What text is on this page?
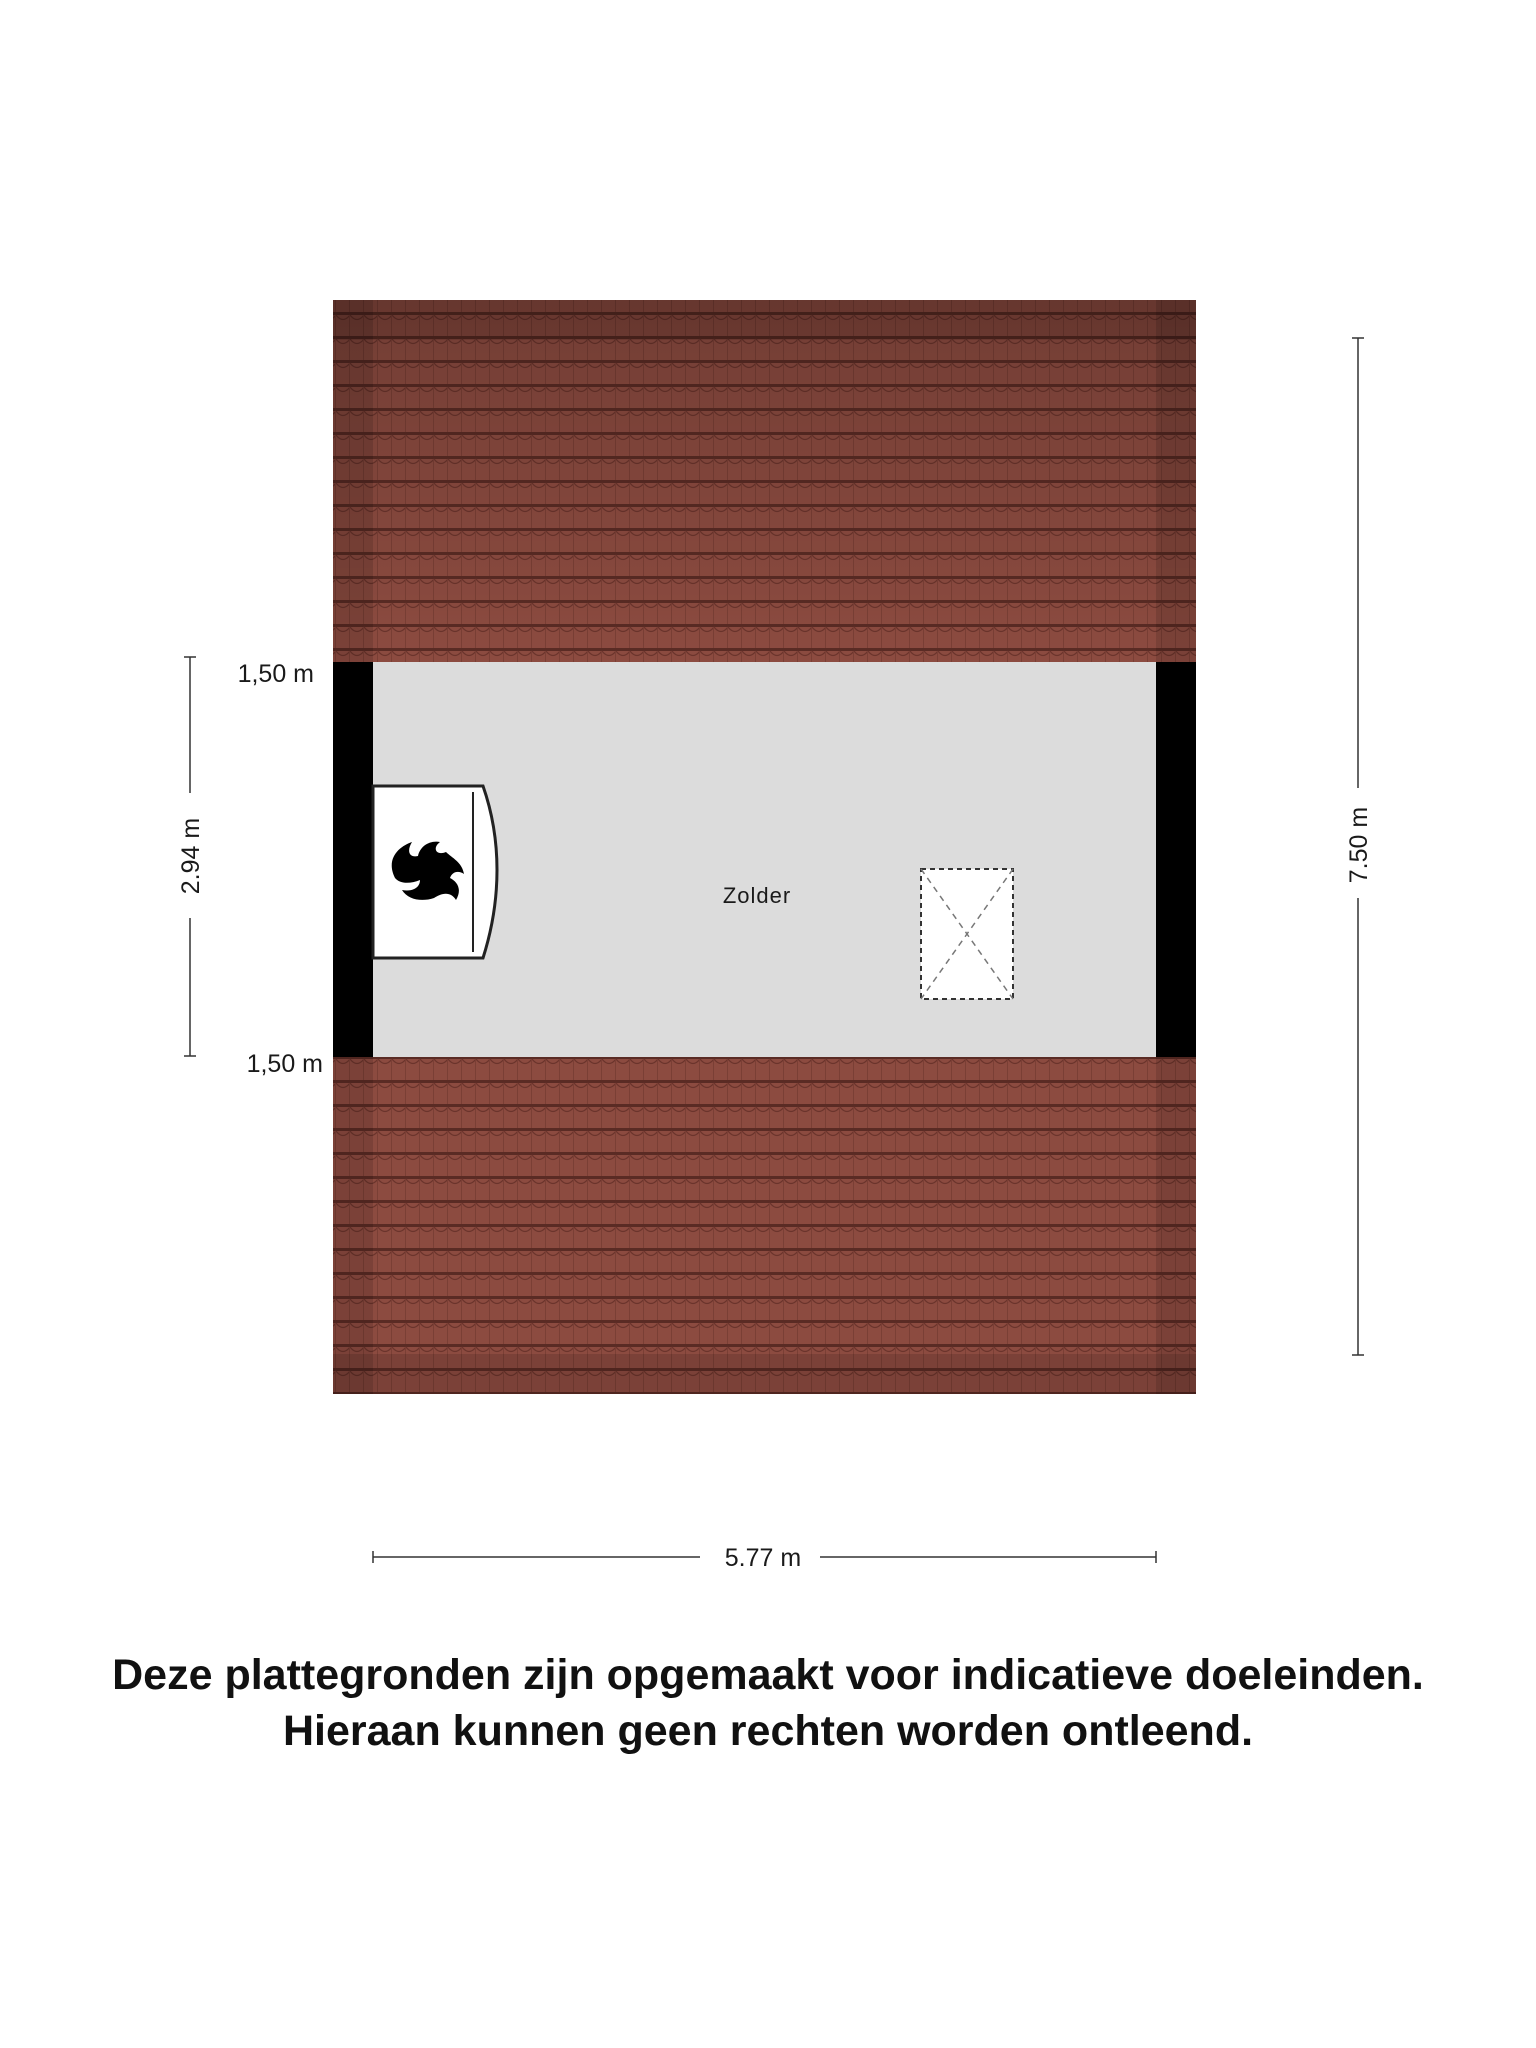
Zolder
7.50 m
2.94 m
1,50 m
1,50 m
5.77 m
Deze plattegronden zijn opgemaakt voor indicatieve doeleinden.
Hieraan kunnen geen rechten worden ontleend.
